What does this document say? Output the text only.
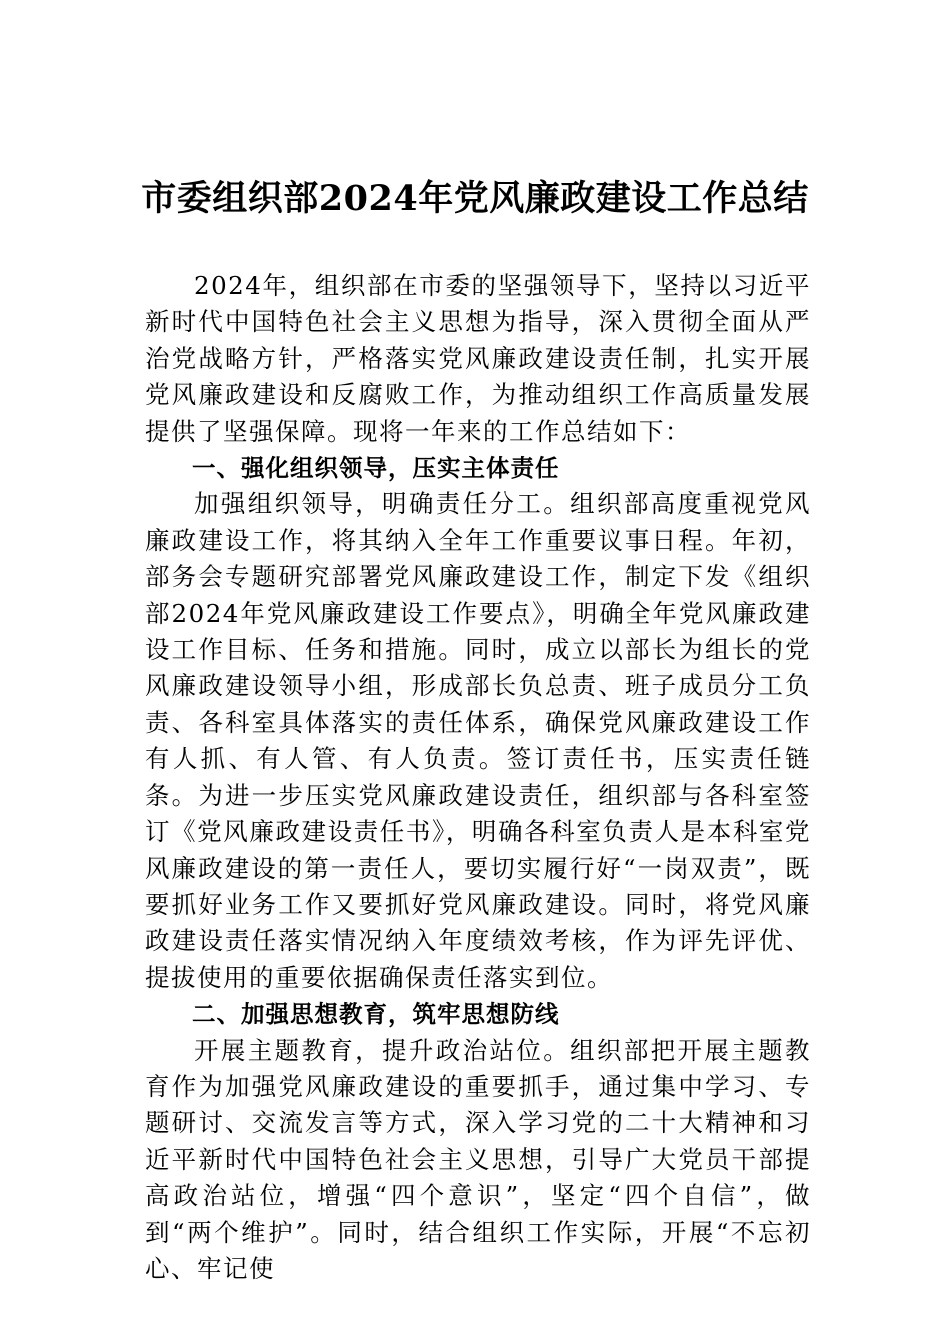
市委组织部2024年党风廉政建设工作总结

2024年，组织部在市委的坚强领导下，坚持以习近平新时代中国特色社会主义思想为指导，深入贯彻全面从严治党战略方针，严格落实党风廉政建设责任制，扎实开展党风廉政建设和反腐败工作，为推动组织工作高质量发展提供了坚强保障。现将一年来的工作总结如下：

一、强化组织领导，压实主体责任

加强组织领导，明确责任分工。组织部高度重视党风廉政建设工作，将其纳入全年工作重要议事日程。年初，部务会专题研究部署党风廉政建设工作，制定下发《组织部2024年党风廉政建设工作要点》，明确全年党风廉政建设工作目标、任务和措施。同时，成立以部长为组长的党风廉政建设领导小组，形成部长负总责、班子成员分工负责、各科室具体落实的责任体系，确保党风廉政建设工作有人抓、有人管、有人负责。签订责任书，压实责任链条。为进一步压实党风廉政建设责任，组织部与各科室签订《党风廉政建设责任书》，明确各科室负责人是本科室党风廉政建设的第一责任人，要切实履行好“一岗双责”，既要抓好业务工作又要抓好党风廉政建设。同时，将党风廉政建设责任落实情况纳入年度绩效考核，作为评先评优、提拔使用的重要依据确保责任落实到位。

二、加强思想教育，筑牢思想防线

开展主题教育，提升政治站位。组织部把开展主题教育作为加强党风廉政建设的重要抓手，通过集中学习、专题研讨、交流发言等方式，深入学习党的二十大精神和习近平新时代中国特色社会主义思想，引导广大党员干部提高政治站位，增强“四个意识”，坚定“四个自信”，做到“两个维护”。同时，结合组织工作实际，开展“不忘初心、牢记使
